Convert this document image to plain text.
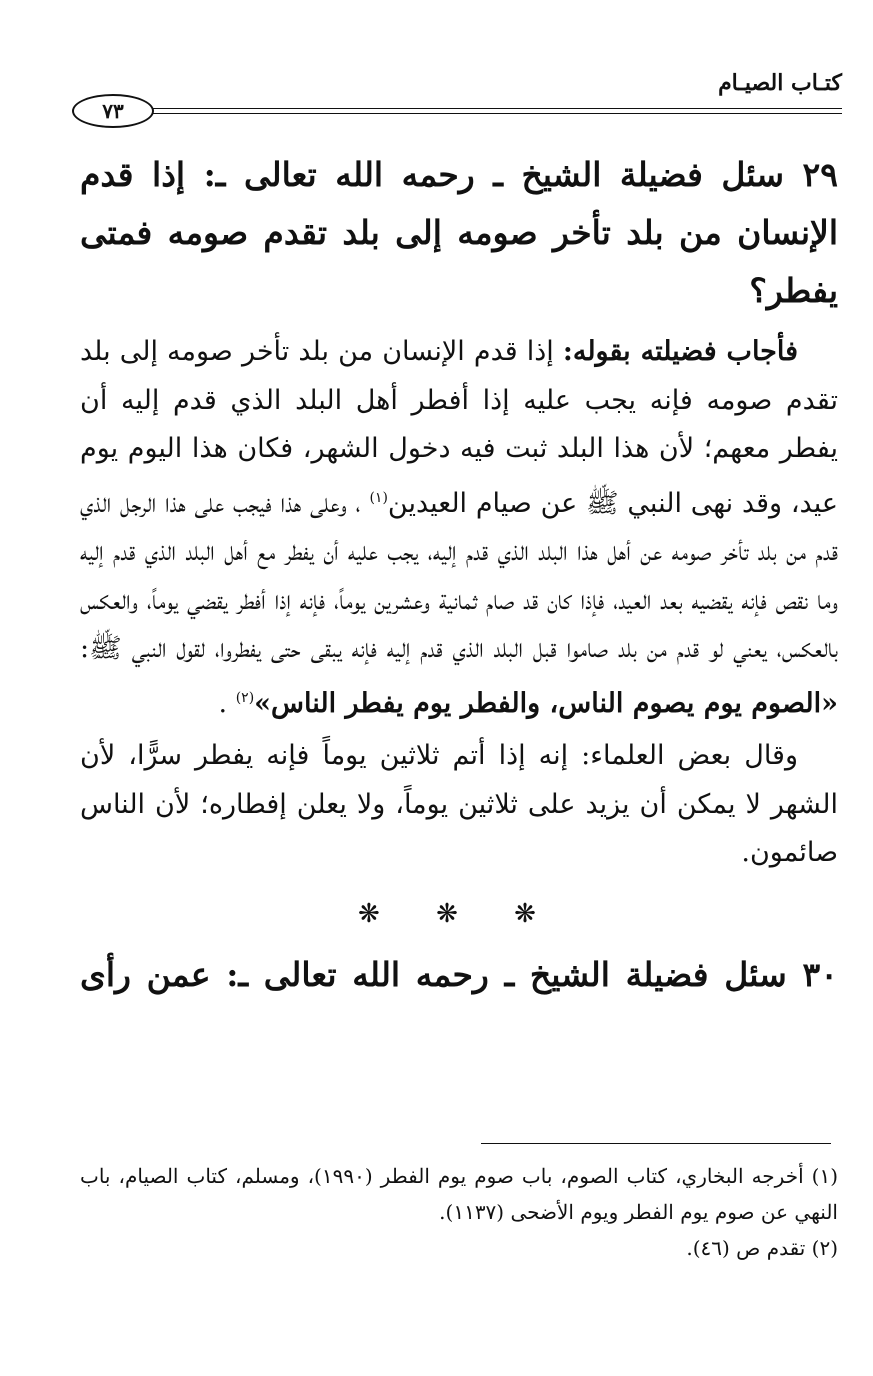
كتـاب الصيـام
٧٣

٢٩ سئل فضيلة الشيخ ـ رحمه الله تعالى ـ: إذا قدم الإنسان من بلد تأخر صومه إلى بلد تقدم صومه فمتى يفطر؟

فأجاب فضيلته بقوله: إذا قدم الإنسان من بلد تأخر صومه إلى بلد تقدم صومه فإنه يجب عليه إذا أفطر أهل البلد الذي قدم إليه أن يفطر معهم؛ لأن هذا البلد ثبت فيه دخول الشهر، فكان هذا اليوم يوم عيد، وقد نهى النبي ﷺ عن صيام العيدين$^{(١)}$ ، وعلى هذا فيجب على هذا الرجل الذي قدم من بلد تأخر صومه عن أهل هذا البلد الذي قدم إليه، يجب عليه أن يفطر مع أهل البلد الذي قدم إليه وما نقص فإنه يقضيه بعد العيد، فإذا كان قد صام ثمانية وعشرين يوماً، فإنه إذا أفطر يقضي يوماً، والعكس بالعكس، يعني لو قدم من بلد صاموا قبل البلد الذي قدم إليه فإنه يبقى حتى يفطروا، لقول النبي ﷺ: «الصوم يوم يصوم الناس، والفطر يوم يفطر الناس»$^{(٢)}$ .

وقال بعض العلماء: إنه إذا أتم ثلاثين يوماً فإنه يفطر سرًّا، لأن الشهر لا يمكن أن يزيد على ثلاثين يوماً، ولا يعلن إفطاره؛ لأن الناس صائمون.

❋ ❋ ❋

٣٠ سئل فضيلة الشيخ ـ رحمه الله تعالى ـ: عمن رأى

(١) أخرجه البخاري، كتاب الصوم، باب صوم يوم الفطر (١٩٩٠)، ومسلم، كتاب الصيام، باب النهي عن صوم يوم الفطر ويوم الأضحى (١١٣٧).

(٢) تقدم ص (٤٦).
